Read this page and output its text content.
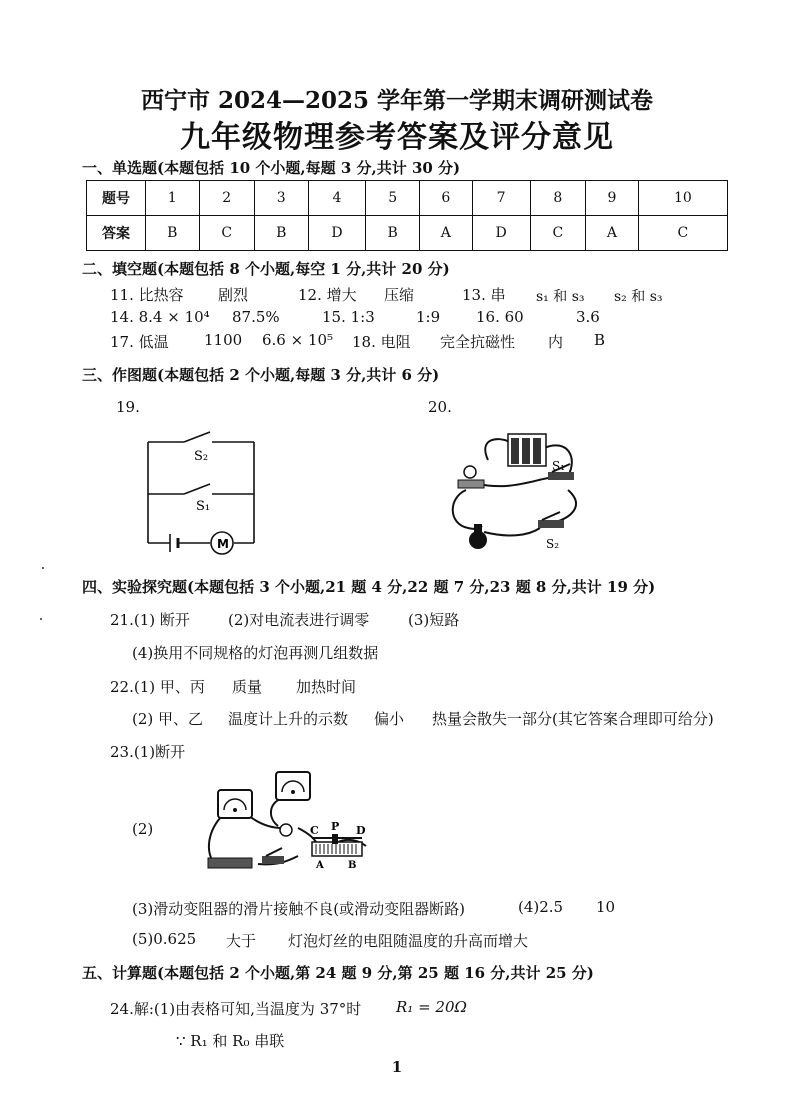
西宁市 2024—2025 学年第一学期末调研测试卷
九年级物理参考答案及评分意见
一、单选题(本题包括 10 个小题,每题 3 分,共计 30 分)
题号	1	2	3	4	5	6	7	8	9	10
答案	B	C	B	D	B	A	D	C	A	C
二、填空题(本题包括 8 个小题,每空 1 分,共计 20 分)
11. 比热容 剧烈	12. 增大 压缩	13. 串 s₁ 和 s₃ s₂ 和 s₃
14. 8.4 × 10⁴ 87.5%	15. 1:3	1:9 16. 60	3.6
17. 低温 1100 6.6 × 10⁵ 18. 电阻 完全抗磁性 内 B
三、作图题(本题包括 2 个小题,每题 3 分,共计 6 分)
19.	20.
S₂
S₁
M
S₁
S₂
四、实验探究题(本题包括 3 个小题,21 题 4 分,22 题 7 分,23 题 8 分,共计 19 分)
21.(1) 断开	(2)对电流表进行调零	(3)短路
(4)换用不同规格的灯泡再测几组数据
22.(1) 甲、丙 质量 加热时间
(2) 甲、乙 温度计上升的示数 偏小 热量会散失一部分(其它答案合理即可给分)
23.(1)断开
(2)	C P D
A B
(3)滑动变阻器的滑片接触不良(或滑动变阻器断路)	(4)2.5 10
(5)0.625 大于 灯泡灯丝的电阻随温度的升高而增大
五、计算题(本题包括 2 个小题,第 24 题 9 分,第 25 题 16 分,共计 25 分)
24.解:(1)由表格可知,当温度为 37°时 R₁ = 20Ω
∵ R₁ 和 R₀ 串联
1
